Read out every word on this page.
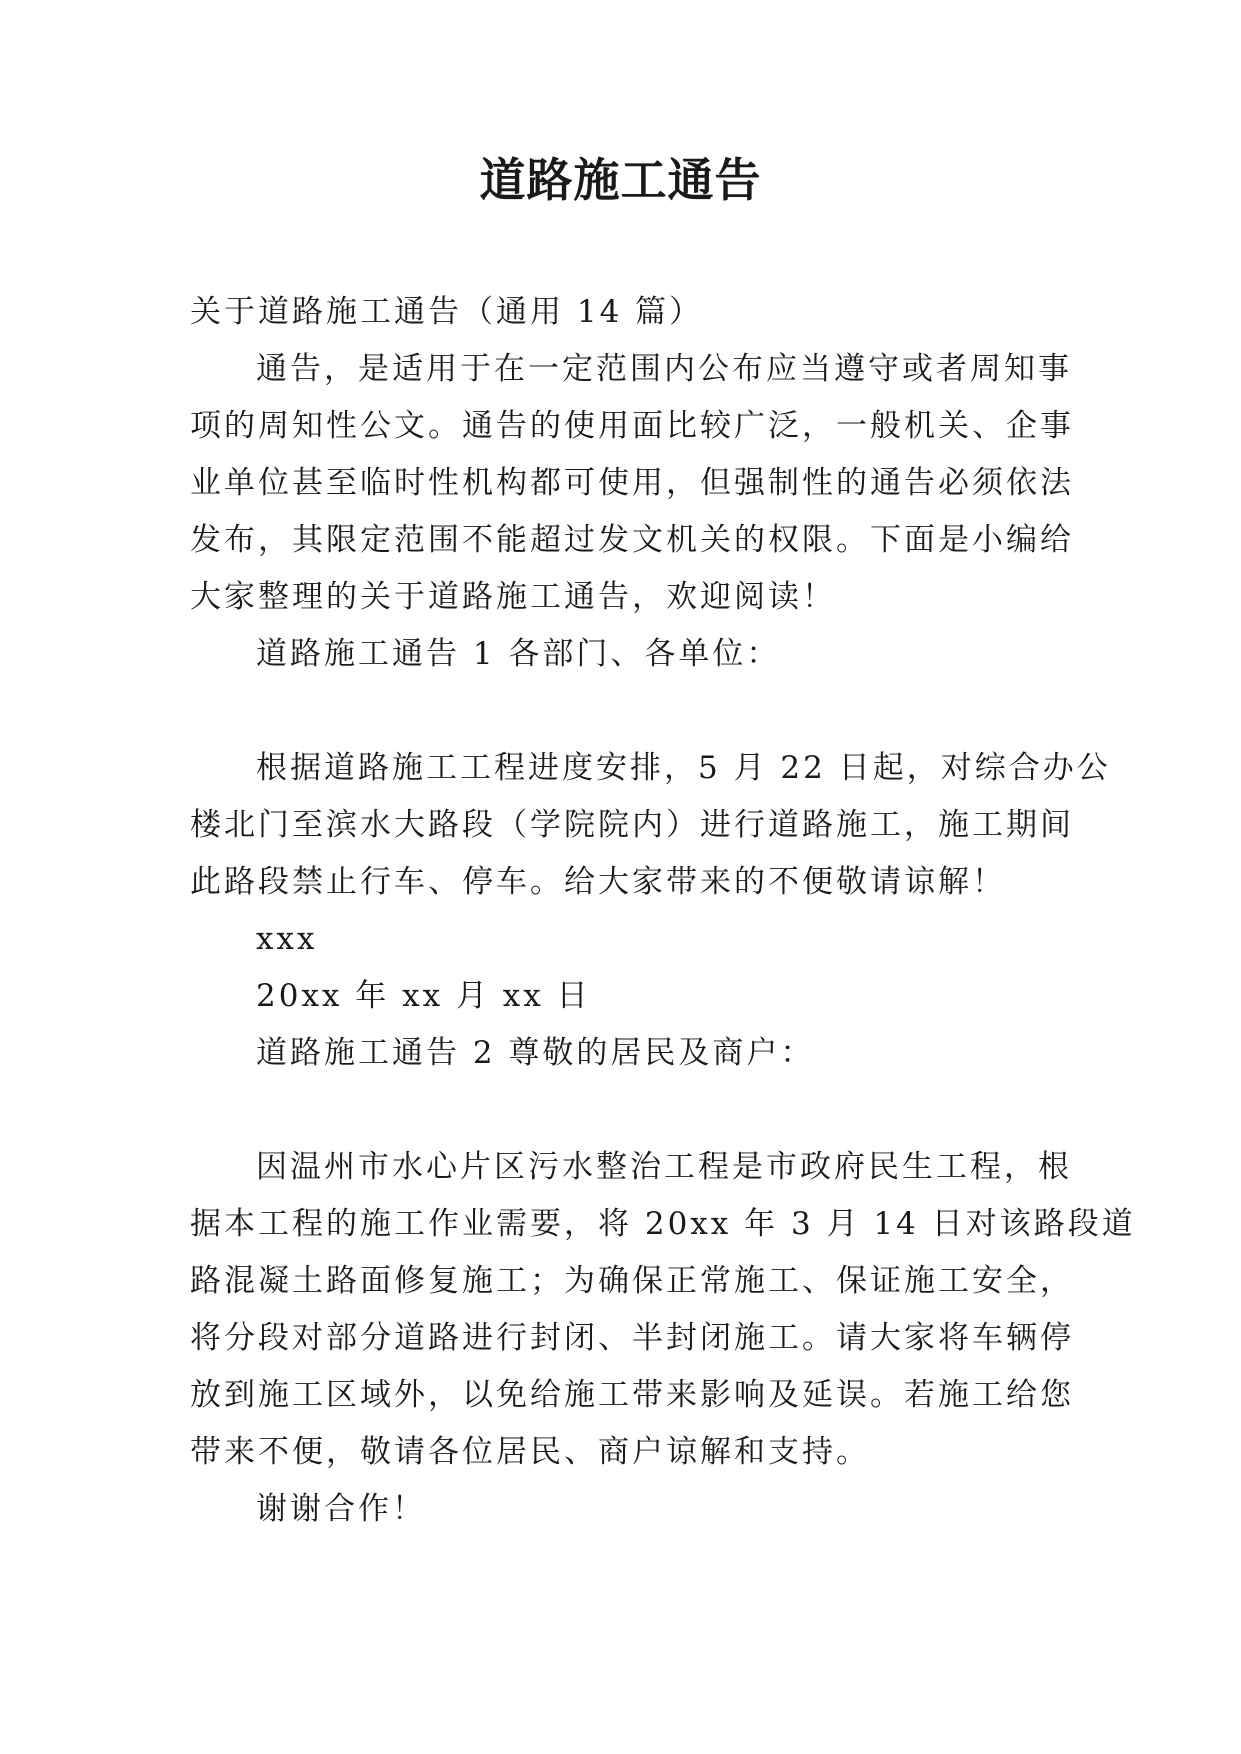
道路施工通告
关于道路施工通告（通用 14 篇）
通告，是适用于在一定范围内公布应当遵守或者周知事
项的周知性公文。通告的使用面比较广泛，一般机关、企事
业单位甚至临时性机构都可使用，但强制性的通告必须依法
发布，其限定范围不能超过发文机关的权限。下面是小编给
大家整理的关于道路施工通告，欢迎阅读！
道路施工通告 1 各部门、各单位：
根据道路施工工程进度安排，5 月 22 日起，对综合办公
楼北门至滨水大路段（学院院内）进行道路施工，施工期间
此路段禁止行车、停车。给大家带来的不便敬请谅解！
xxx
20xx 年 xx 月 xx 日
道路施工通告 2 尊敬的居民及商户：
因温州市水心片区污水整治工程是市政府民生工程，根
据本工程的施工作业需要，将 20xx 年 3 月 14 日对该路段道
路混凝土路面修复施工；为确保正常施工、保证施工安全，
将分段对部分道路进行封闭、半封闭施工。请大家将车辆停
放到施工区域外，以免给施工带来影响及延误。若施工给您
带来不便，敬请各位居民、商户谅解和支持。
谢谢合作！
